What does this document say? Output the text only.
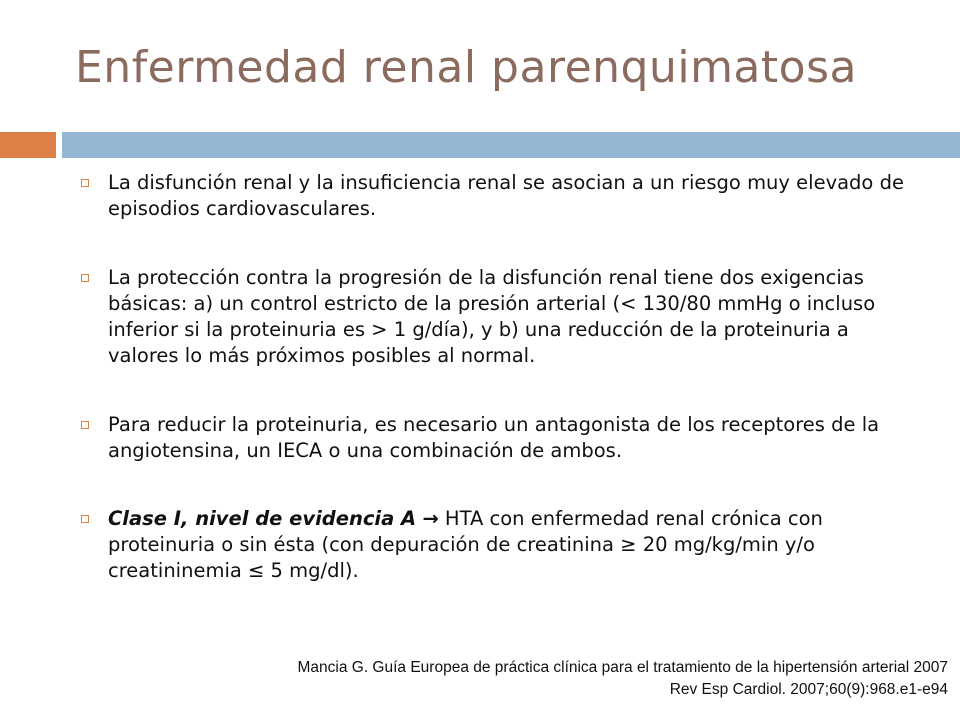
Enfermedad renal parenquimatosa
La disfunción renal y la insuficiencia renal se asocian a un riesgo muy elevado de episodios cardiovasculares.
La protección contra la progresión de la disfunción renal tiene dos exigencias básicas: a) un control estricto de la presión arterial (< 130/80 mmHg o incluso inferior si la proteinuria es > 1 g/día), y b) una reducción de la proteinuria a valores lo más próximos posibles al normal.
Para reducir la proteinuria, es necesario un antagonista de los receptores de la angiotensina, un IECA o una combinación de ambos.
Clase I, nivel de evidencia A → HTA con enfermedad renal crónica con proteinuria o sin ésta (con depuración de creatinina ≥ 20 mg/kg/min y/o creatininemia ≤ 5 mg/dl).
Mancia G. Guía Europea de práctica clínica para el tratamiento de la hipertensión arterial 2007
Rev Esp Cardiol. 2007;60(9):968.e1-e94
